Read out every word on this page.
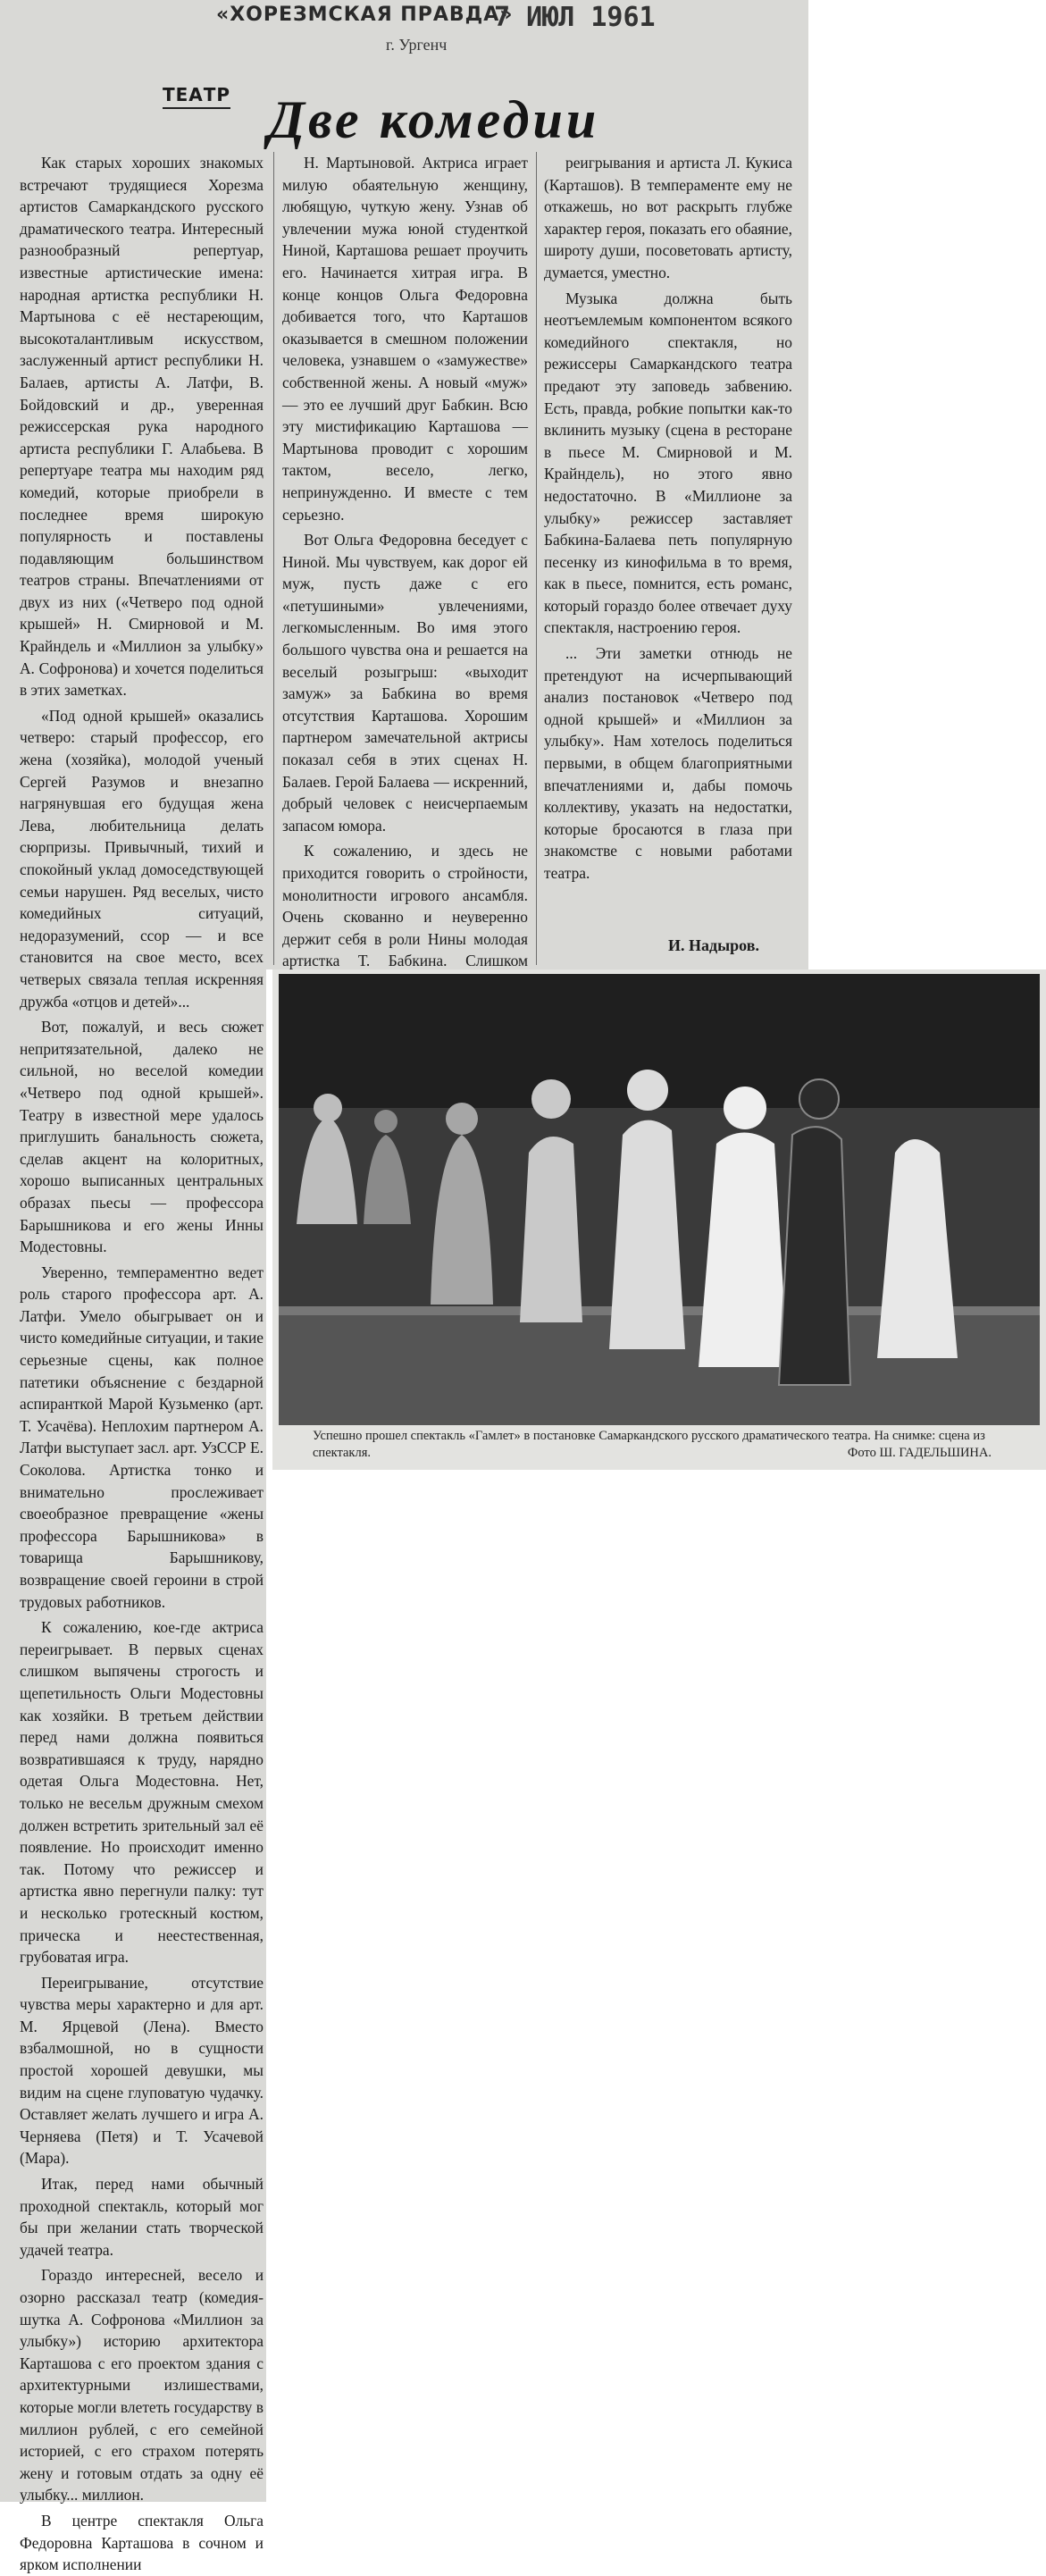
«ХОРЕЗМСКАЯ ПРАВДА»
7 ИЮЛ 1961
г. Ургенч
ТЕАТР Две комедии

Как старых хороших знакомых встречают трудящиеся Хорезма артистов Самаркандского русского драматического театра. Интересный разнообразный репертуар, известные артистические имена: народная артистка республики Н. Мартынова с её нестареющим, высокоталантливым искусством, заслуженный артист республики Н. Балаев, артисты А. Латфи, В. Бойдовский и др., уверенная режиссерская рука народного артиста республики Г. Алабьева. В репертуаре театра мы находим ряд комедий, которые приобрели в последнее время широкую популярность и поставлены подавляющим большинством театров страны. Впечатлениями от двух из них («Четверо под одной крышей» Н. Смирновой и М. Крайндель и «Миллион за улыбку» А. Софронова) и хочется поделиться в этих заметках.

«Под одной крышей» оказались четверо: старый профессор, его жена (хозяйка), молодой ученый Сергей Разумов и внезапно нагрянувшая его будущая жена Лева, любительница делать сюрпризы. Привычный, тихий и спокойный уклад домоседствующей семьи нарушен. Ряд веселых, чисто комедийных ситуаций, недоразумений, ссор — и все становится на свое место, всех четверых связала теплая искренняя дружба «отцов и детей»...

Вот, пожалуй, и весь сюжет непритязательной, далеко не сильной, но веселой комедии «Четверо под одной крышей». Театру в известной мере удалось приглушить банальность сюжета, сделав акцент на колоритных, хорошо выписанных центральных образах пьесы — профессора Барышникова и его жены Инны Модестовны.

Уверенно, темпераментно ведет роль старого профессора арт. А. Латфи. Умело обыгрывает он и чисто комедийные ситуации, и такие серьезные сцены, как полное патетики объяснение с бездарной аспиранткой Марой Кузьменко (арт. Т. Усачёва). Неплохим партнером А. Латфи выступает засл. арт. УзССР Е. Соколова. Артистка тонко и внимательно прослеживает своеобразное превращение «жены профессора Барышникова» в товарища Барышникову, возвращение своей героини в строй трудовых работников.

К сожалению, кое-где актриса переигрывает. В первых сценах слишком выпячены строгость и щепетильность Ольги Модестовны как хозяйки. В третьем действии перед нами должна появиться возвратившаяся к труду, нарядно одетая Ольга Модестовна. Нет, только не весельм дружным смехом должен встретить зрительный зал её появление. Но происходит именно так. Потому что режиссер и артистка явно перегнули палку: тут и несколько гротескный костюм, прическа и неестественная, грубоватая игра.

Переигрывание, отсутствие чувства меры характерно и для арт. М. Ярцевой (Лена). Вместо взбалмошной, но в сущности простой хорошей девушки, мы видим на сцене глуповатую чудачку. Оставляет желать лучшего и игра А. Черняева (Петя) и Т. Усачевой (Мара).

Итак, перед нами обычный проходной спектакль, который мог бы при желании стать творческой удачей театра.

Гораздо интересней, весело и озорно рассказал театр (комедия-шутка А. Софронова «Миллион за улыбку») историю архитектора Карташова с его проектом здания с архитектурными излишествами, которые могли влететь государству в миллион рублей, с его семейной историей, с его страхом потерять жену и готовым отдать за одну её улыбку... миллион.

В центре спектакля Ольга Федоровна Карташова в сочном и ярком исполнении

Н. Мартыновой. Актриса играет милую обаятельную женщину, любящую, чуткую жену. Узнав об увлечении мужа юной студенткой Ниной, Карташова решает проучить его. Начинается хитрая игра. В конце концов Ольга Федоровна добивается того, что Карташов оказывается в смешном положении человека, узнавшем о «замужестве» собственной жены. А новый «муж» — это ее лучший друг Бабкин. Всю эту мистификацию Карташова — Мартынова проводит с хорошим тактом, весело, легко, непринужденно. И вместе с тем серьезно.

Вот Ольга Федоровна беседует с Ниной. Мы чувствуем, как дорог ей муж, пусть даже с его «петушиными» увлечениями, легкомысленным. Во имя этого большого чувства она и решается на веселый розыгрыш: «выходит замуж» за Бабкина во время отсутствия Карташова. Хорошим партнером замечательной актрисы показал себя в этих сценах Н. Балаев. Герой Балаева — искренний, добрый человек с неисчерпаемым запасом юмора.

К сожалению, и здесь не приходится говорить о стройности, монолитности игрового ансамбля. Очень скованно и неуверенно держит себя в роли Нины молодая артистка Т. Бабкина. Слишком

реигрывания и артиста Л. Кукиса (Карташов). В темпераменте ему не откажешь, но вот раскрыть глубже характер героя, показать его обаяние, широту души, посоветовать артисту, думается, уместно.

Музыка должна быть неотъемлемым компонентом всякого комедийного спектакля, но режиссеры Самаркандского театра предают эту заповедь забвению. Есть, правда, робкие попытки как-то вклинить музыку (сцена в ресторане в пьесе М. Смирновой и М. Крайндель), но этого явно недостаточно. В «Миллионе за улыбку» режиссер заставляет Бабкина-Балаева петь популярную песенку из кинофильма в то время, как в пьесе, помнится, есть романс, который гораздо более отвечает духу спектакля, настроению героя.

... Эти заметки отнюдь не претендуют на исчерпывающий анализ постановок «Четверо под одной крышей» и «Миллион за улыбку». Нам хотелось поделиться первыми, в общем благоприятными впечатлениями и, дабы помочь коллективу, указать на недостатки, которые бросаются в глаза при знакомстве с новыми работами театра.

И. Надыров.
Успешно прошел спектакль «Гамлет» в постановке Самаркандского русского драматического театра. На снимке: сцена из спектакля.	Фото Ш. ГАДЕЛЬШИНА.
